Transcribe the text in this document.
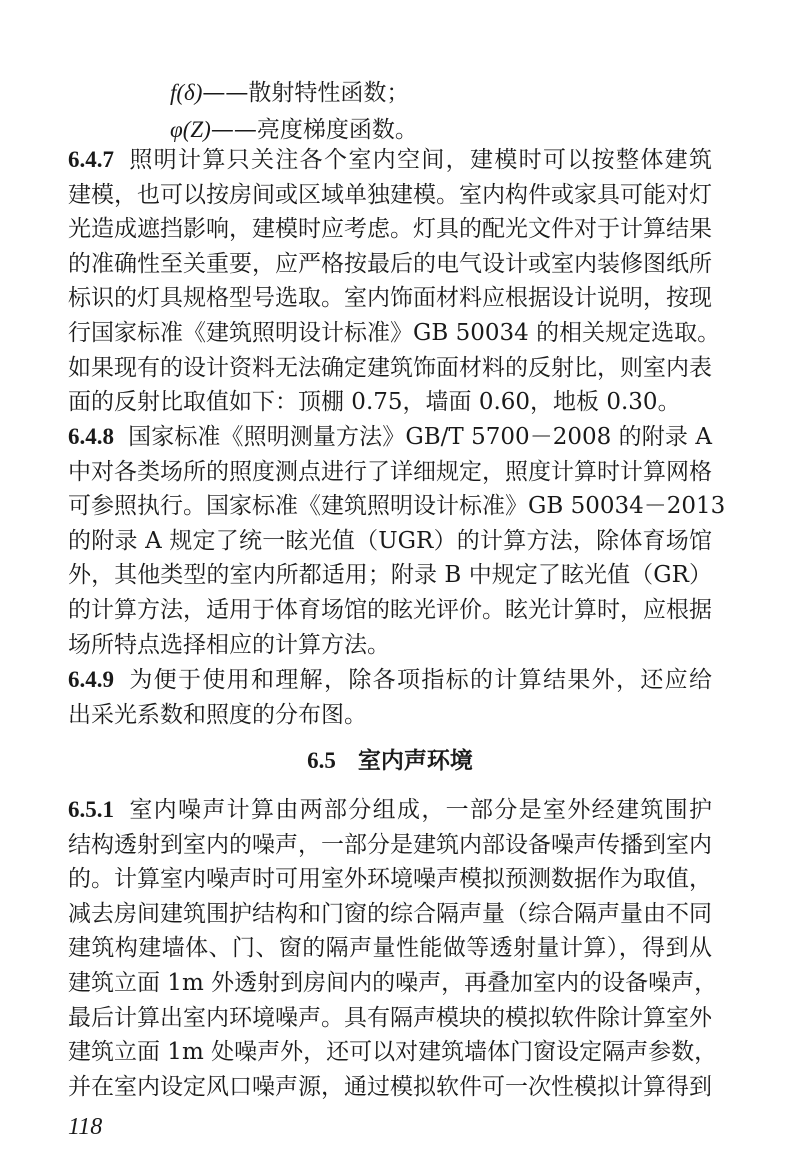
f(δ)——散射特性函数；
φ(Z)——亮度梯度函数。
6.4.7 照明计算只关注各个室内空间，建模时可以按整体建筑
建模，也可以按房间或区域单独建模。室内构件或家具可能对灯
光造成遮挡影响，建模时应考虑。灯具的配光文件对于计算结果
的准确性至关重要，应严格按最后的电气设计或室内装修图纸所
标识的灯具规格型号选取。室内饰面材料应根据设计说明，按现
行国家标准《建筑照明设计标准》GB 50034 的相关规定选取。
如果现有的设计资料无法确定建筑饰面材料的反射比，则室内表
面的反射比取值如下：顶棚 0.75，墙面 0.60，地板 0.30。
6.4.8 国家标准《照明测量方法》GB/T 5700－2008 的附录 A
中对各类场所的照度测点进行了详细规定，照度计算时计算网格
可参照执行。国家标准《建筑照明设计标准》GB 50034－2013
的附录 A 规定了统一眩光值（UGR）的计算方法，除体育场馆
外，其他类型的室内所都适用；附录 B 中规定了眩光值（GR）
的计算方法，适用于体育场馆的眩光评价。眩光计算时，应根据
场所特点选择相应的计算方法。
6.4.9 为便于使用和理解，除各项指标的计算结果外，还应给
出采光系数和照度的分布图。
6.5 室内声环境
6.5.1 室内噪声计算由两部分组成，一部分是室外经建筑围护
结构透射到室内的噪声，一部分是建筑内部设备噪声传播到室内
的。计算室内噪声时可用室外环境噪声模拟预测数据作为取值，
减去房间建筑围护结构和门窗的综合隔声量（综合隔声量由不同
建筑构建墙体、门、窗的隔声量性能做等透射量计算），得到从
建筑立面 1m 外透射到房间内的噪声，再叠加室内的设备噪声，
最后计算出室内环境噪声。具有隔声模块的模拟软件除计算室外
建筑立面 1m 处噪声外，还可以对建筑墙体门窗设定隔声参数，
并在室内设定风口噪声源，通过模拟软件可一次性模拟计算得到
118
